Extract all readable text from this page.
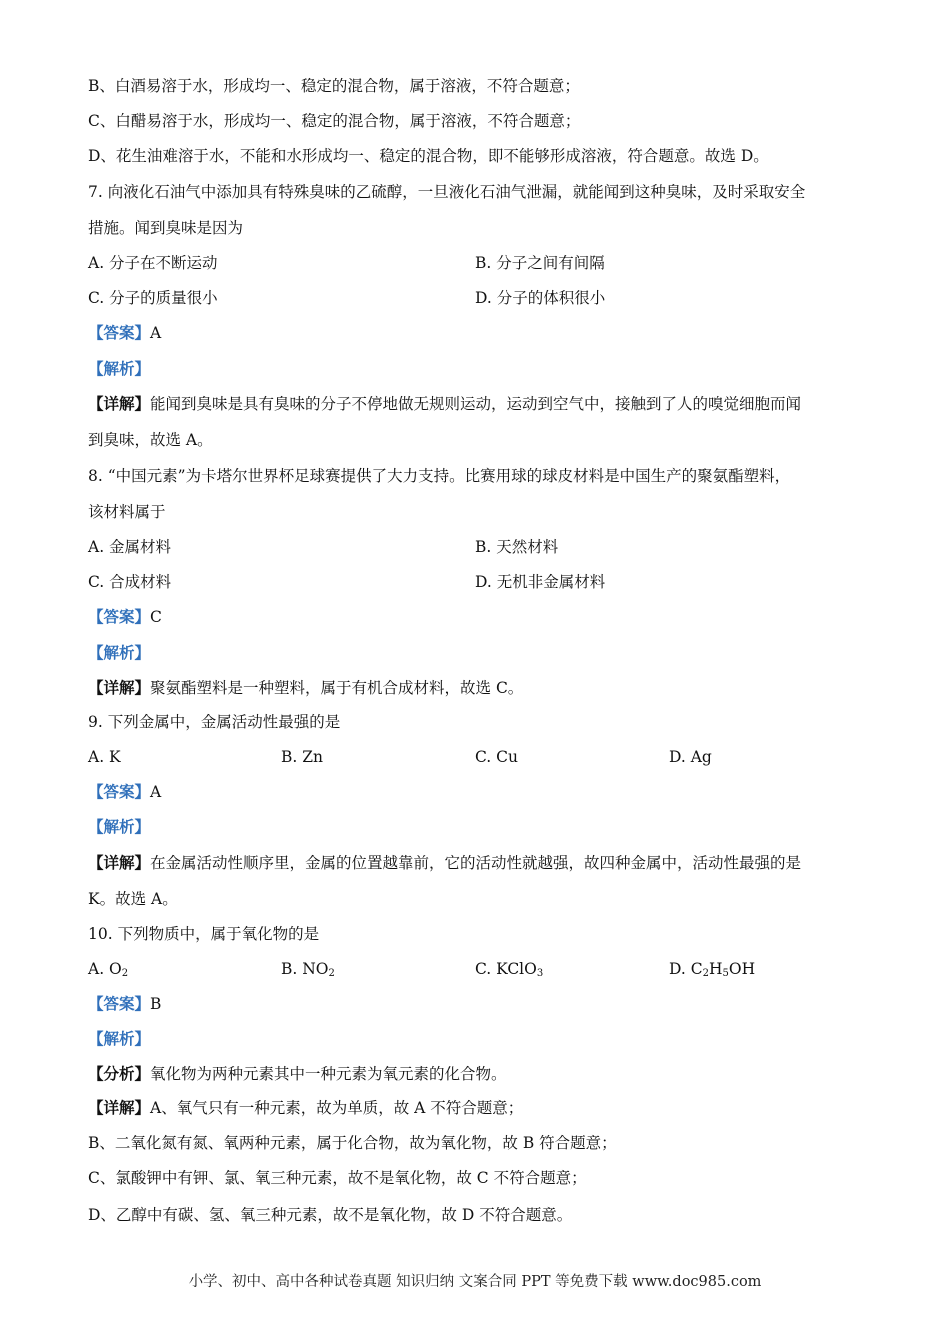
B、白酒易溶于水，形成均一、稳定的混合物，属于溶液，不符合题意；
C、白醋易溶于水，形成均一、稳定的混合物，属于溶液，不符合题意；
D、花生油难溶于水，不能和水形成均一、稳定的混合物，即不能够形成溶液，符合题意。故选 D。
7. 向液化石油气中添加具有特殊臭味的乙硫醇，一旦液化石油气泄漏，就能闻到这种臭味，及时采取安全
措施。闻到臭味是因为
A. 分子在不断运动	B. 分子之间有间隔
C. 分子的质量很小	D. 分子的体积很小
【答案】A
【解析】
【详解】能闻到臭味是具有臭味的分子不停地做无规则运动，运动到空气中，接触到了人的嗅觉细胞而闻
到臭味，故选 A。
8. “中国元素”为卡塔尔世界杯足球赛提供了大力支持。比赛用球的球皮材料是中国生产的聚氨酯塑料，
该材料属于
A. 金属材料	B. 天然材料
C. 合成材料	D. 无机非金属材料
【答案】C
【解析】
【详解】聚氨酯塑料是一种塑料，属于有机合成材料，故选 C。
9. 下列金属中，金属活动性最强的是
A. K	B. Zn	C. Cu	D. Ag
【答案】A
【解析】
【详解】在金属活动性顺序里，金属的位置越靠前，它的活动性就越强，故四种金属中，活动性最强的是
K。故选 A。
10. 下列物质中，属于氧化物的是
A. $O_2$	B. $NO_2$	C. KClO$_3$	D. $C_2H_5OH$
【答案】B
【解析】
【分析】氧化物为两种元素其中一种元素为氧元素的化合物。
【详解】A、氧气只有一种元素，故为单质，故 A 不符合题意；
B、二氧化氮有氮、氧两种元素，属于化合物，故为氧化物，故 B 符合题意；
C、氯酸钾中有钾、氯、氧三种元素，故不是氧化物，故 C 不符合题意；
D、乙醇中有碳、氢、氧三种元素，故不是氧化物，故 D 不符合题意。
小学、初中、高中各种试卷真题 知识归纳 文案合同 PPT 等免费下载 www.doc985.com
